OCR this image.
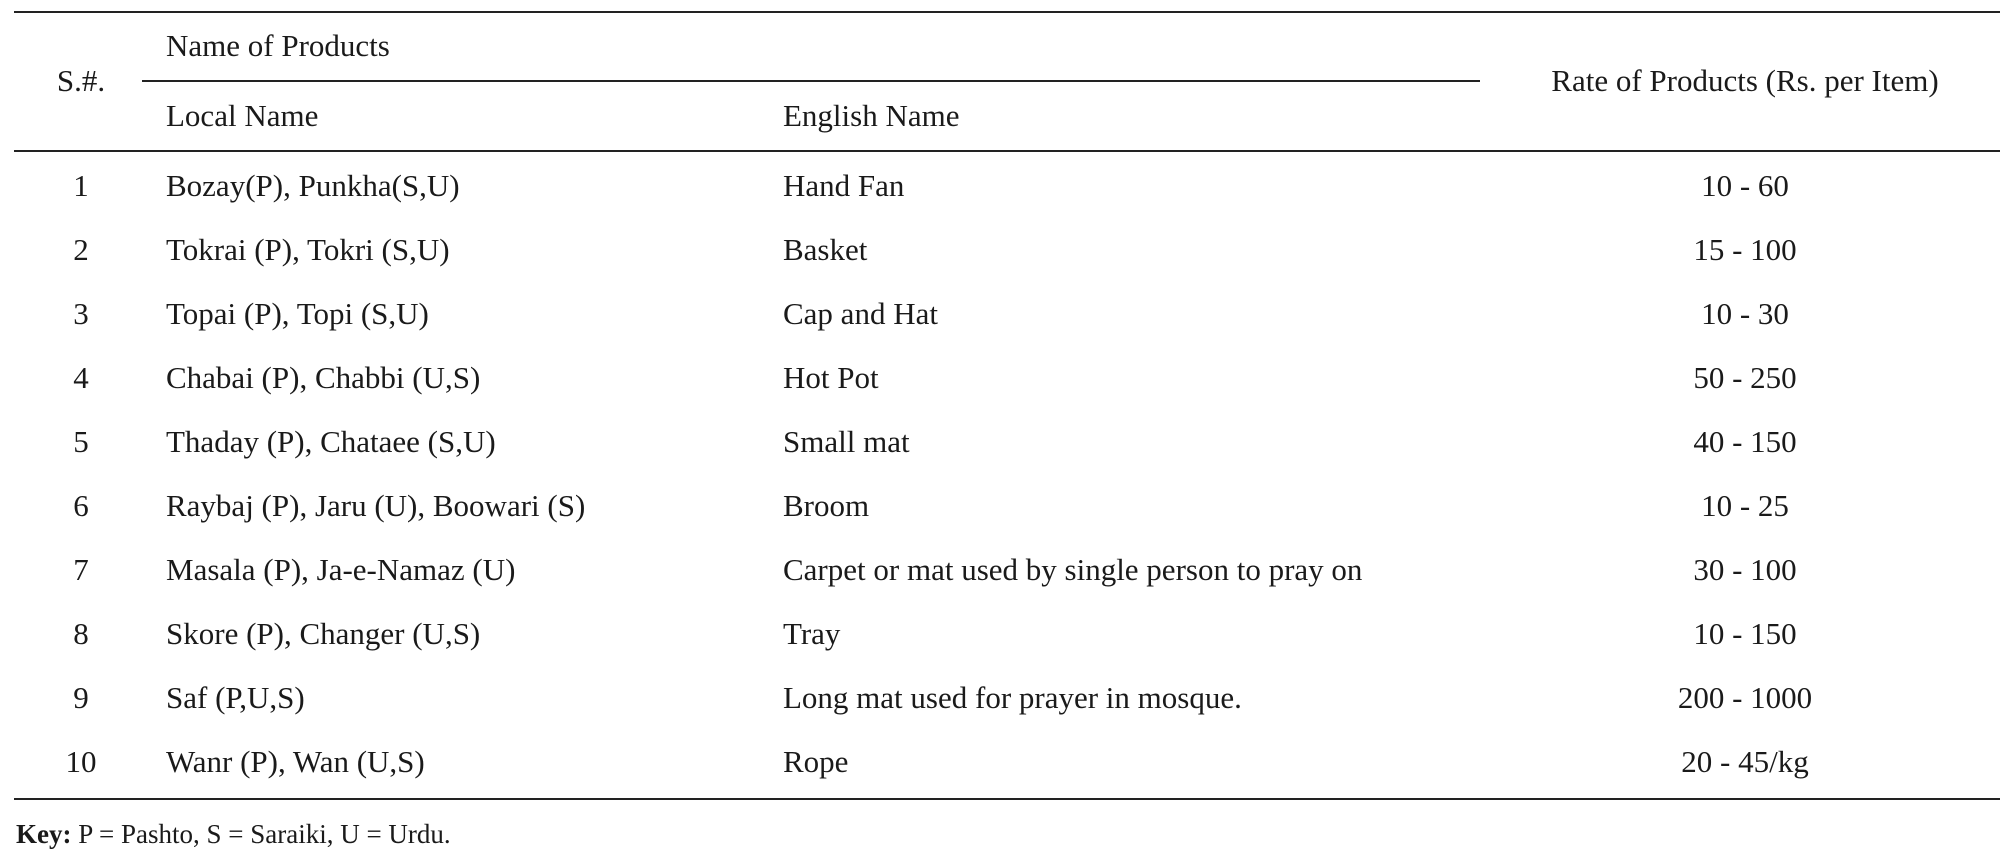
S.#.
Name of Products
Local Name	English Name
Rate of Products (Rs. per Item)
1	Bozay(P), Punkha(S,U)	Hand Fan	10 - 60
2	Tokrai (P), Tokri (S,U)	Basket	15 - 100
3	Topai (P), Topi (S,U)	Cap and Hat	10 - 30
4	Chabai (P), Chabbi (U,S)	Hot Pot	50 - 250
5	Thaday (P), Chataee (S,U)	Small mat	40 - 150
6	Raybaj (P), Jaru (U), Boowari (S)	Broom	10 - 25
7	Masala (P), Ja-e-Namaz (U)	Carpet or mat used by single person to pray on	30 - 100
8	Skore (P), Changer (U,S)	Tray	10 - 150
9	Saf (P,U,S)	Long mat used for prayer in mosque.	200 - 1000
10	Wanr (P), Wan (U,S)	Rope	20 - 45/kg
Key: P = Pashto, S = Saraiki, U = Urdu.
